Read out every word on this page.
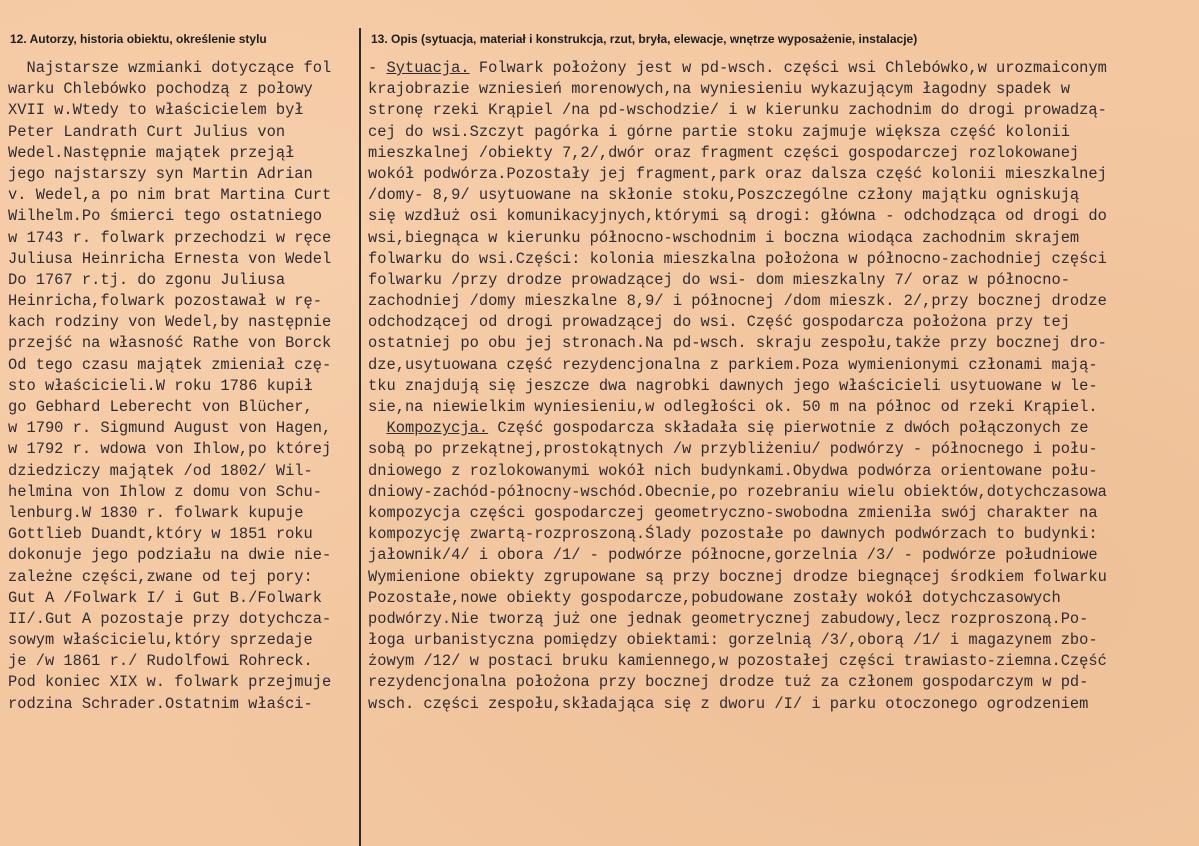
12. Autorzy, historia obiektu, określenie stylu	13. Opis (sytuacja, materiał i konstrukcja, rzut, bryła, elewacje, wnętrze wyposażenie, instalacje)
Najstarsze wzmianki dotyczące fol
warku Chlebówko pochodzą z połowy
XVII w.Wtedy to właścicielem był
Peter Landrath Curt Julius von
Wedel.Następnie majątek przejął
jego najstarszy syn Martin Adrian
v. Wedel,a po nim brat Martina Curt
Wilhelm.Po śmierci tego ostatniego
w 1743 r. folwark przechodzi w ręce
Juliusa Heinricha Ernesta von Wedel
Do 1767 r.tj. do zgonu Juliusa
Heinricha,folwark pozostawał w rę-
kach rodziny von Wedel,by następnie
przejść na własność Rathe von Borck
Od tego czasu majątek zmieniał czę-
sto właścicieli.W roku 1786 kupił
go Gebhard Leberecht von Blücher,
w 1790 r. Sigmund August von Hagen,
w 1792 r. wdowa von Ihlow,po której
dziedziczy majątek /od 1802/ Wil-
helmina von Ihlow z domu von Schu-
lenburg.W 1830 r. folwark kupuje
Gottlieb Duandt,który w 1851 roku
dokonuje jego podziału na dwie nie-
zależne części,zwane od tej pory:
Gut A /Folwark I/ i Gut B./Folwark
II/.Gut A pozostaje przy dotychcza-
sowym właścicielu,który sprzedaje
je /w 1861 r./ Rudolfowi Rohreck.
Pod koniec XIX w. folwark przejmuje
rodzina Schrader.Ostatnim właści-
- Sytuacja. Folwark położony jest w pd-wsch. części wsi Chlebówko,w urozmaiconym
krajobrazie wzniesień morenowych,na wyniesieniu wykazującym łagodny spadek w
stronę rzeki Krąpiel /na pd-wschodzie/ i w kierunku zachodnim do drogi prowadzą-
cej do wsi.Szczyt pagórka i górne partie stoku zajmuje większa część kolonii
mieszkalnej /obiekty 7,2/,dwór oraz fragment części gospodarczej rozlokowanej
wokół podwórza.Pozostały jej fragment,park oraz dalsza część kolonii mieszkalnej
/domy- 8,9/ usytuowane na skłonie stoku,Poszczególne człony majątku ogniskują
się wzdłuż osi komunikacyjnych,którymi są drogi: główna - odchodząca od drogi do
wsi,biegnąca w kierunku północno-wschodnim i boczna wiodąca zachodnim skrajem
folwarku do wsi.Części: kolonia mieszkalna położona w północno-zachodniej części
folwarku /przy drodze prowadzącej do wsi- dom mieszkalny 7/ oraz w północno-
zachodniej /domy mieszkalne 8,9/ i północnej /dom mieszk. 2/,przy bocznej drodze
odchodzącej od drogi prowadzącej do wsi. Część gospodarcza położona przy tej
ostatniej po obu jej stronach.Na pd-wsch. skraju zespołu,także przy bocznej dro-
dze,usytuowana część rezydencjonalna z parkiem.Poza wymienionymi członami mają-
tku znajdują się jeszcze dwa nagrobki dawnych jego właścicieli usytuowane w le-
sie,na niewielkim wyniesieniu,w odległości ok. 50 m na północ od rzeki Krąpiel.
Kompozycja. Część gospodarcza składała się pierwotnie z dwóch połączonych ze
sobą po przekątnej,prostokątnych /w przybliżeniu/ podwórzy - północnego i połu-
dniowego z rozlokowanymi wokół nich budynkami.Obydwa podwórza orientowane połu-
dniowy-zachód-północny-wschód.Obecnie,po rozebraniu wielu obiektów,dotychczasowa
kompozycja części gospodarczej geometryczno-swobodna zmieniła swój charakter na
kompozycję zwartą-rozproszoną.Ślady pozostałe po dawnych podwórzach to budynki:
jałownik/4/ i obora /1/ - podwórze północne,gorzelnia /3/ - podwórze południowe
Wymienione obiekty zgrupowane są przy bocznej drodze biegnącej środkiem folwarku
Pozostałe,nowe obiekty gospodarcze,pobudowane zostały wokół dotychczasowych
podwórzy.Nie tworzą już one jednak geometrycznej zabudowy,lecz rozproszoną.Po-
łoga urbanistyczna pomiędzy obiektami: gorzelnią /3/,oborą /1/ i magazynem zbo-
żowym /12/ w postaci bruku kamiennego,w pozostałej części trawiasto-ziemna.Część
rezydencjonalna położona przy bocznej drodze tuż za członem gospodarczym w pd-
wsch. części zespołu,składająca się z dworu /I/ i parku otoczonego ogrodzeniem
